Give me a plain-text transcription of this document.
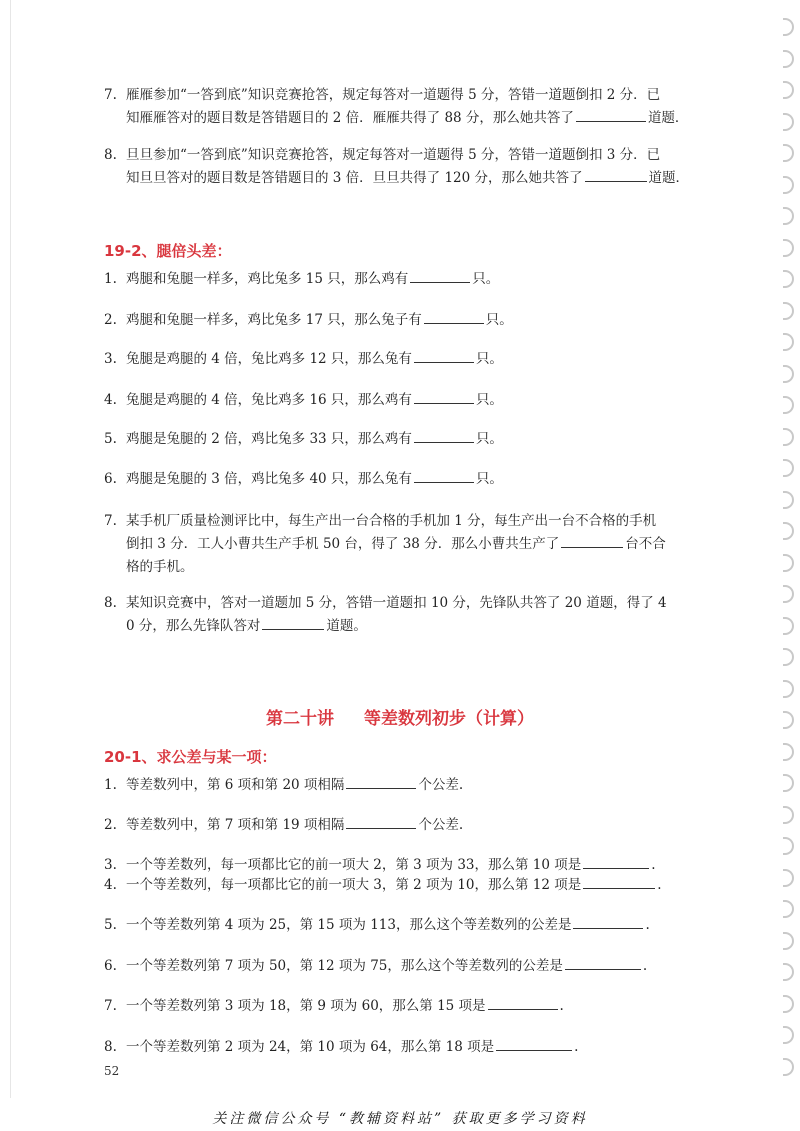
7. 雁雁参加“一答到底”知识竞赛抢答，规定每答对一道题得 5 分，答错一道题倒扣 2 分．已
知雁雁答对的题目数是答错题目的 2 倍．雁雁共得了 88 分，那么她共答了	道题．
8. 旦旦参加“一答到底”知识竞赛抢答，规定每答对一道题得 5 分，答错一道题倒扣 3 分．已
知旦旦答对的题目数是答错题目的 3 倍．旦旦共得了 120 分，那么她共答了	道题．
19-2、腿倍头差：
1. 鸡腿和兔腿一样多，鸡比兔多 15 只，那么鸡有	只。
2. 鸡腿和兔腿一样多，鸡比兔多 17 只，那么兔子有	只。
3. 兔腿是鸡腿的 4 倍，兔比鸡多 12 只，那么兔有	只。
4. 兔腿是鸡腿的 4 倍，兔比鸡多 16 只，那么鸡有	只。
5. 鸡腿是兔腿的 2 倍，鸡比兔多 33 只，那么鸡有	只。
6. 鸡腿是兔腿的 3 倍，鸡比兔多 40 只，那么兔有	只。
7. 某手机厂质量检测评比中，每生产出一台合格的手机加 1 分，每生产出一台不合格的手机
倒扣 3 分．工人小曹共生产手机 50 台，得了 38 分．那么小曹共生产了	台不合
格的手机。
8. 某知识竞赛中，答对一道题加 5 分，答错一道题扣 10 分，先锋队共答了 20 道题，得了 4
0 分，那么先锋队答对	道题。
第二十讲 等差数列初步（计算）
20-1、求公差与某一项：
1. 等差数列中，第 6 项和第 20 项相隔	个公差.
2. 等差数列中，第 7 项和第 19 项相隔	个公差.
3. 一个等差数列，每一项都比它的前一项大 2，第 3 项为 33，那么第 10 项是	.
4. 一个等差数列，每一项都比它的前一项大 3，第 2 项为 10，那么第 12 项是	.
5. 一个等差数列第 4 项为 25，第 15 项为 113，那么这个等差数列的公差是	.
6. 一个等差数列第 7 项为 50，第 12 项为 75，那么这个等差数列的公差是	.
7. 一个等差数列第 3 项为 18，第 9 项为 60，那么第 15 项是	.
8. 一个等差数列第 2 项为 24，第 10 项为 64，那么第 18 项是	.
52
关注微信公众号 “教辅资料站” 获取更多学习资料
